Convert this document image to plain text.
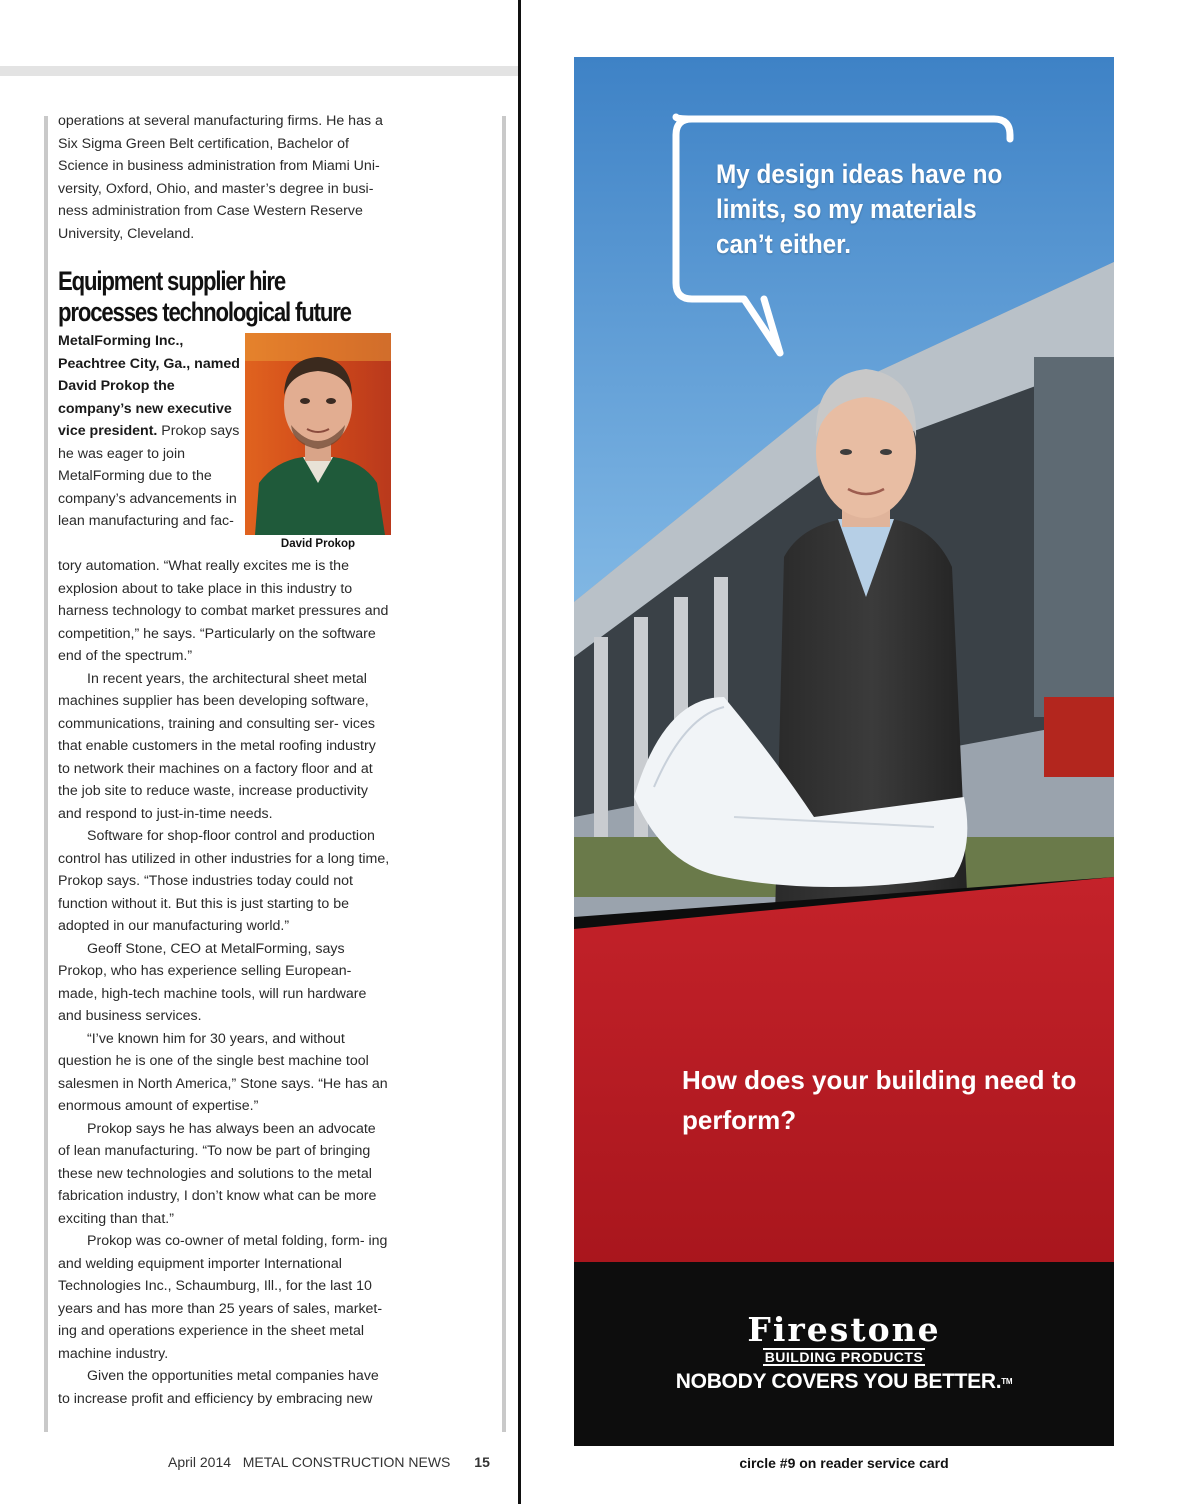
operations at several manufacturing firms. He has a Six Sigma Green Belt certification, Bachelor of Science in business administration from Miami Uni- versity, Oxford, Ohio, and master’s degree in busi- ness administration from Case Western Reserve University, Cleveland.

Equipment supplier hire
processes technological future
MetalForming Inc., Peachtree City, Ga., named David Prokop the company’s new executive vice president. Prokop says he was eager to join MetalForming due to the company’s advancements in lean manufacturing and fac-
David Prokop

tory automation. “What really excites me is the explosion about to take place in this industry to harness technology to combat market pressures and competition,” he says. “Particularly on the software end of the spectrum.”

In recent years, the architectural sheet metal machines supplier has been developing software, communications, training and consulting ser- vices that enable customers in the metal roofing industry to network their machines on a factory floor and at the job site to reduce waste, increase productivity and respond to just-in-time needs.

Software for shop-floor control and production control has utilized in other industries for a long time, Prokop says. “Those industries today could not function without it. But this is just starting to be adopted in our manufacturing world.”

Geoff Stone, CEO at MetalForming, says Prokop, who has experience selling European- made, high-tech machine tools, will run hardware and business services.

“I’ve known him for 30 years, and without question he is one of the single best machine tool salesmen in North America,” Stone says. “He has an enormous amount of expertise.”

Prokop says he has always been an advocate of lean manufacturing. “To now be part of bringing these new technologies and solutions to the metal fabrication industry, I don’t know what can be more exciting than that.”

Prokop was co-owner of metal folding, form- ing and welding equipment importer International Technologies Inc., Schaumburg, Ill., for the last 10 years and has more than 25 years of sales, market- ing and operations experience in the sheet metal machine industry.

Given the opportunities metal companies have to increase profit and efficiency by embracing new

April 2014 METAL CONSTRUCTION NEWS 15	circle #9 on reader service card
My design ideas have no limits, so my materials can’t either.
How does your building need to perform?
Firestone
BUILDING PRODUCTS
NOBODY COVERS YOU BETTER.™
